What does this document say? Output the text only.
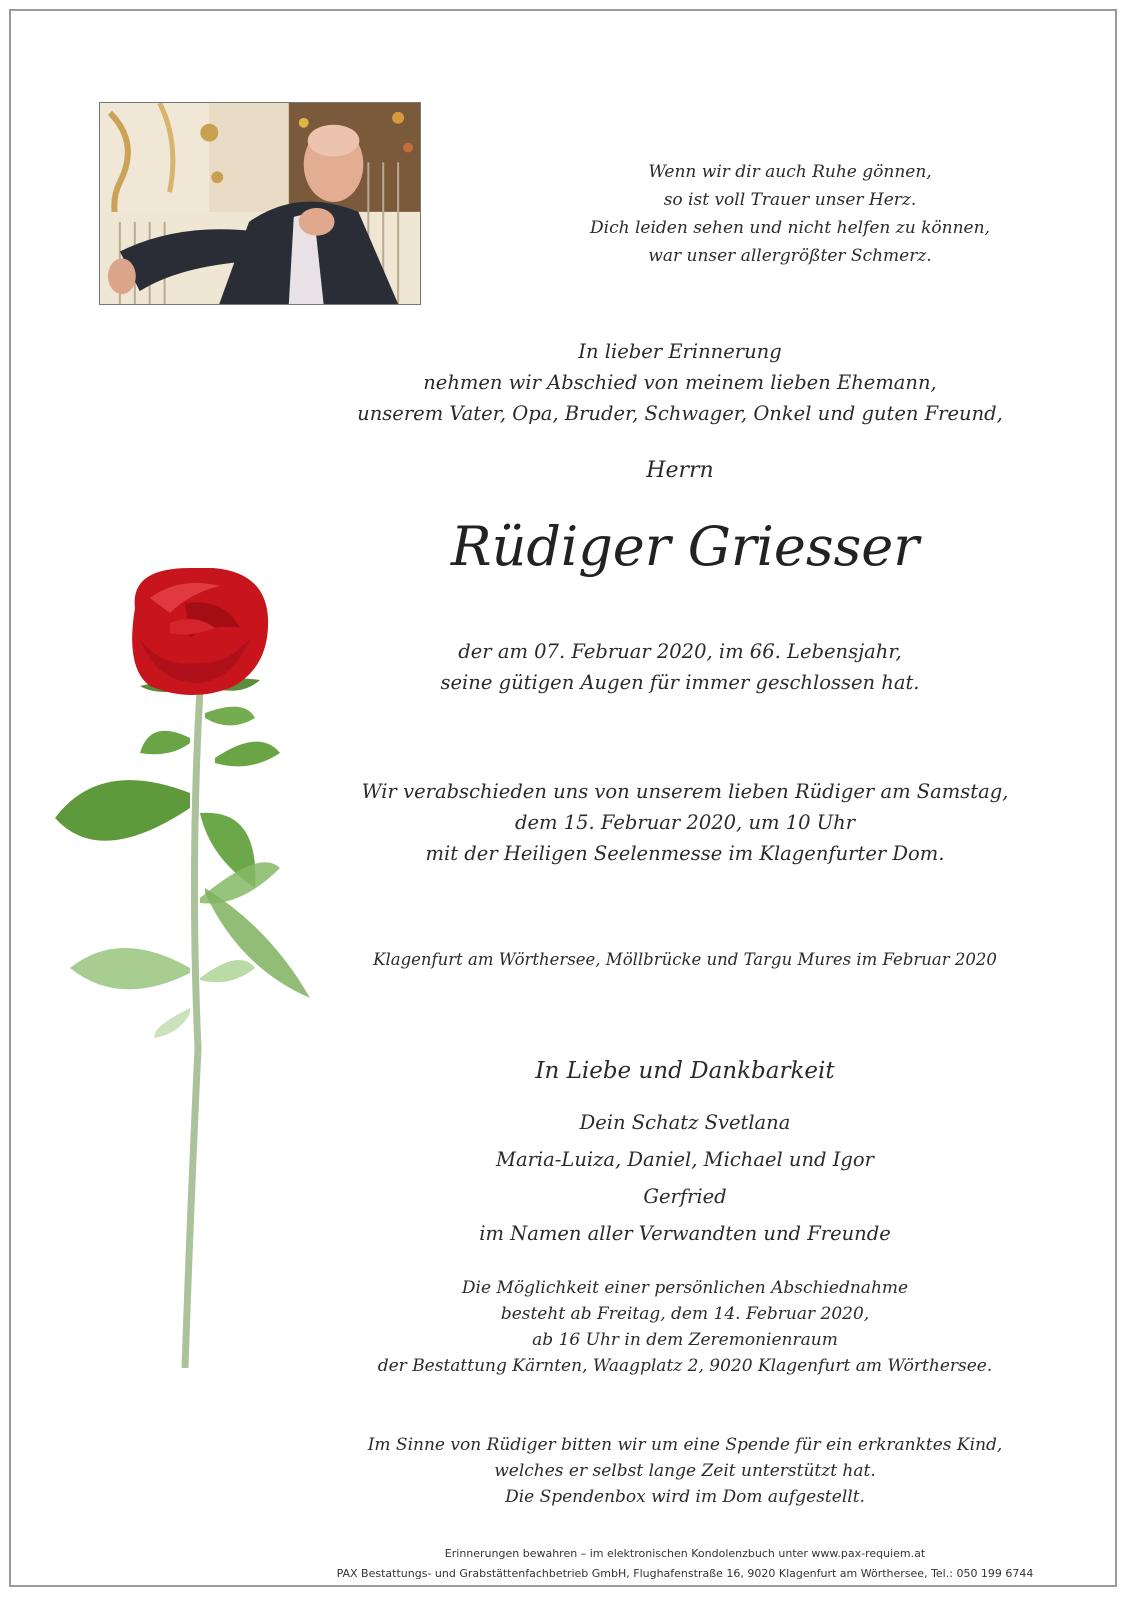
Wenn wir dir auch Ruhe gönnen,
so ist voll Trauer unser Herz.
Dich leiden sehen und nicht helfen zu können,
war unser allergrößter Schmerz.
In lieber Erinnerung
nehmen wir Abschied von meinem lieben Ehemann,
unserem Vater, Opa, Bruder, Schwager, Onkel und guten Freund,
Herrn
Rüdiger Griesser
der am 07. Februar 2020, im 66. Lebensjahr,
seine gütigen Augen für immer geschlossen hat.
Wir verabschieden uns von unserem lieben Rüdiger am Samstag,
dem 15. Februar 2020, um 10 Uhr
mit der Heiligen Seelenmesse im Klagenfurter Dom.
Klagenfurt am Wörthersee, Möllbrücke und Targu Mures im Februar 2020
In Liebe und Dankbarkeit
Dein Schatz Svetlana
Maria-Luiza, Daniel, Michael und Igor
Gerfried
im Namen aller Verwandten und Freunde
Die Möglichkeit einer persönlichen Abschiednahme
besteht ab Freitag, dem 14. Februar 2020,
ab 16 Uhr in dem Zeremonienraum
der Bestattung Kärnten, Waagplatz 2, 9020 Klagenfurt am Wörthersee.
Im Sinne von Rüdiger bitten wir um eine Spende für ein erkranktes Kind,
welches er selbst lange Zeit unterstützt hat.
Die Spendenbox wird im Dom aufgestellt.
Erinnerungen bewahren – im elektronischen Kondolenzbuch unter www.pax-requiem.at
PAX Bestattungs- und Grabstättenfachbetrieb GmbH, Flughafenstraße 16, 9020 Klagenfurt am Wörthersee, Tel.: 050 199 6744
